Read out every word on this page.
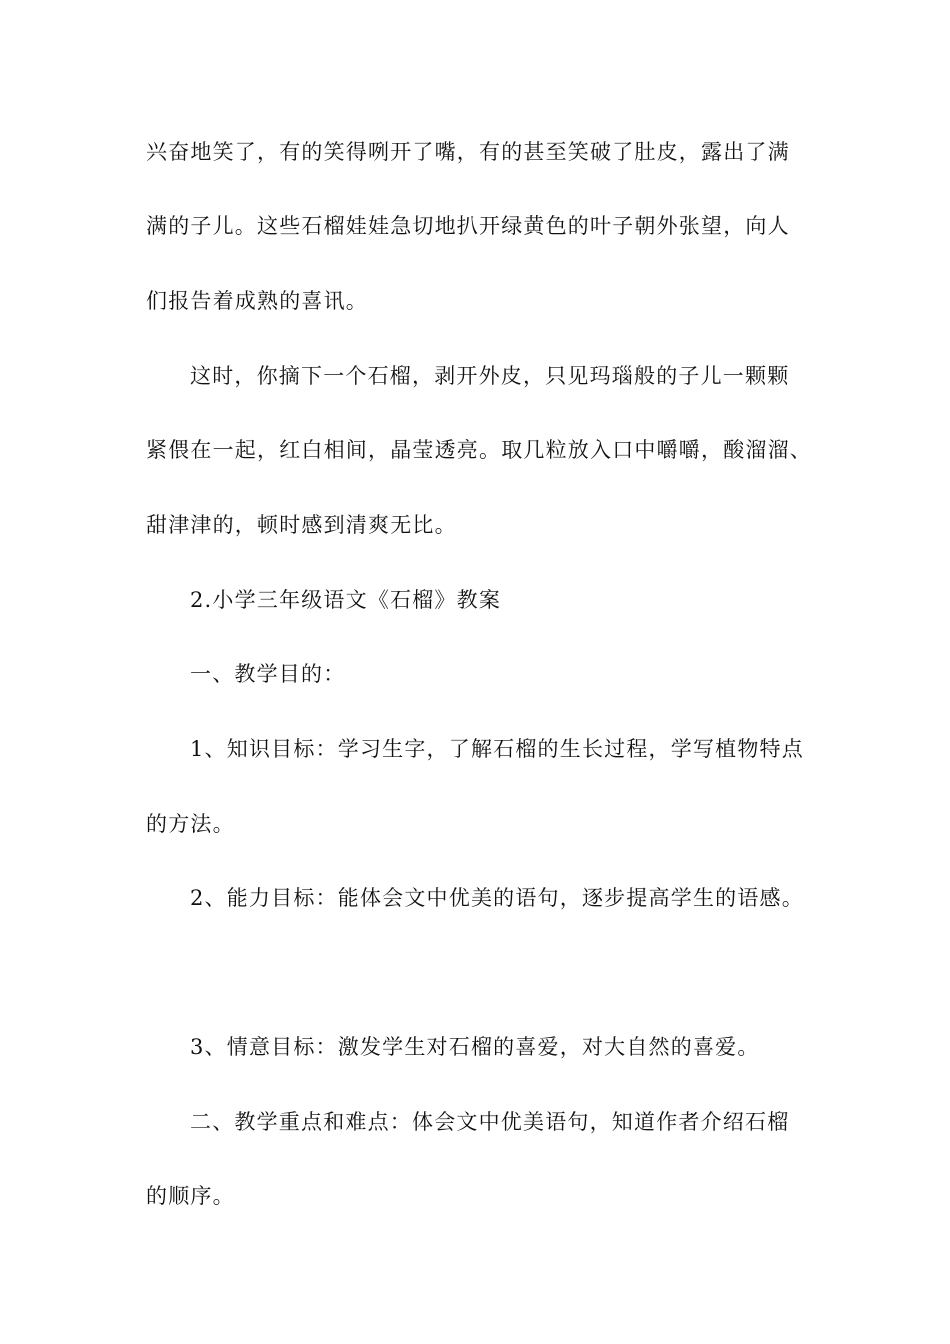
兴奋地笑了，有的笑得咧开了嘴，有的甚至笑破了肚皮，露出了满
满的子儿。这些石榴娃娃急切地扒开绿黄色的叶子朝外张望，向人
们报告着成熟的喜讯。
这时，你摘下一个石榴，剥开外皮，只见玛瑙般的子儿一颗颗
紧偎在一起，红白相间，晶莹透亮。取几粒放入口中嚼嚼，酸溜溜、
甜津津的，顿时感到清爽无比。
2.小学三年级语文《石榴》教案
一、教学目的：
1、知识目标：学习生字，了解石榴的生长过程，学写植物特点
的方法。
2、能力目标：能体会文中优美的语句，逐步提高学生的语感。
3、情意目标：激发学生对石榴的喜爱，对大自然的喜爱。
二、教学重点和难点：体会文中优美语句，知道作者介绍石榴
的顺序。
